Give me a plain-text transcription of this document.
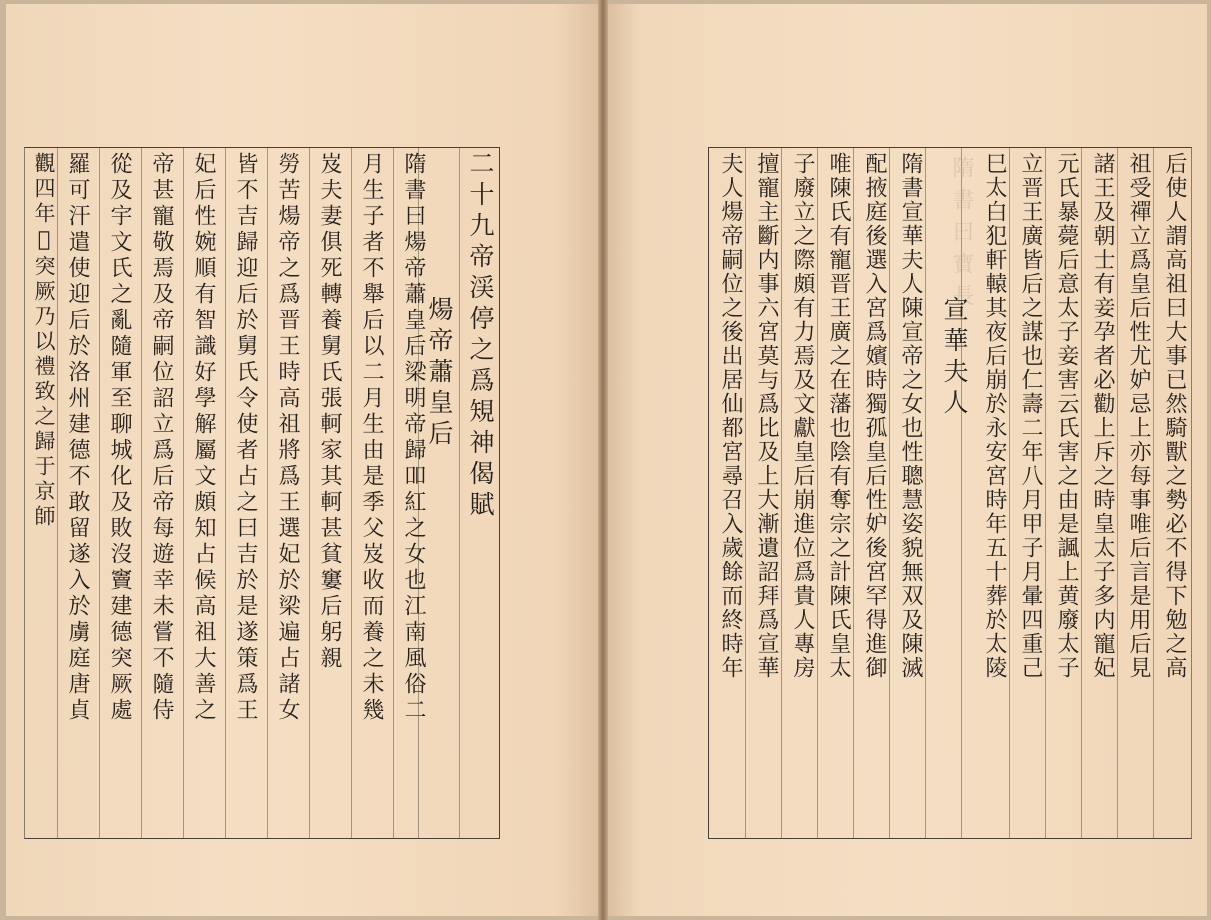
隋書曰寶長
二十九帝渓停之爲䂓神偈賦
煬帝蕭皇后
隋書曰煬帝蕭皇后梁明帝歸吅紅之女也江南風俗二
月生子者不舉后以二月生由是季父岌收而養之未幾
岌夫妻俱死轉養舅氏張軻家其軻甚貧窶后躬親
勞苦煬帝之爲晋王時高祖將爲王選妃於梁遍占諸女
皆不吉歸迎后於舅氏令使者占之曰吉於是遂策爲王
妃后性婉順有智識好學解屬文頗知占候高祖大善之
帝甚寵敬焉及帝嗣位詔立爲后帝每遊幸未嘗不隨侍
從及宇文氏之亂隨軍至聊城化及敗沒竇建德突厥處
羅可汗遣使迎后於洛州建德不敢留遂入於虜庭唐貞
觀四年𢧐突厥乃以禮致之歸于京師	后使人謂高祖曰大事已然騎獸之勢必不得下勉之高
祖受禪立爲皇后性尤妒忌上亦每事唯后言是用后見
諸王及朝士有妾孕者必勸上斥之時皇太子多内寵妃
元氏暴薨后意太子妾害云氏害之由是諷上黄廢太子
立晋王廣皆后之謀也仁壽二年八月甲子月暈四重己
巳太白犯軒轅其夜后崩於永安宮時年五十葬於太陵
宣華夫人
隋書宣華夫人陳宣帝之女也性聰慧姿貌無双及陳滅
配掖庭後選入宮爲嬪時獨孤皇后性妒後宮罕得進御
唯陳氏有寵晋王廣之在藩也陰有奪宗之計陳氏皇太
子廢立之際頗有力焉及文獻皇后崩進位爲貴人專房
擅寵主斷内事六宮莫与爲比及上大漸遺詔拜爲宣華
夫人煬帝嗣位之後出居仙都宮尋召入歲餘而終時年
